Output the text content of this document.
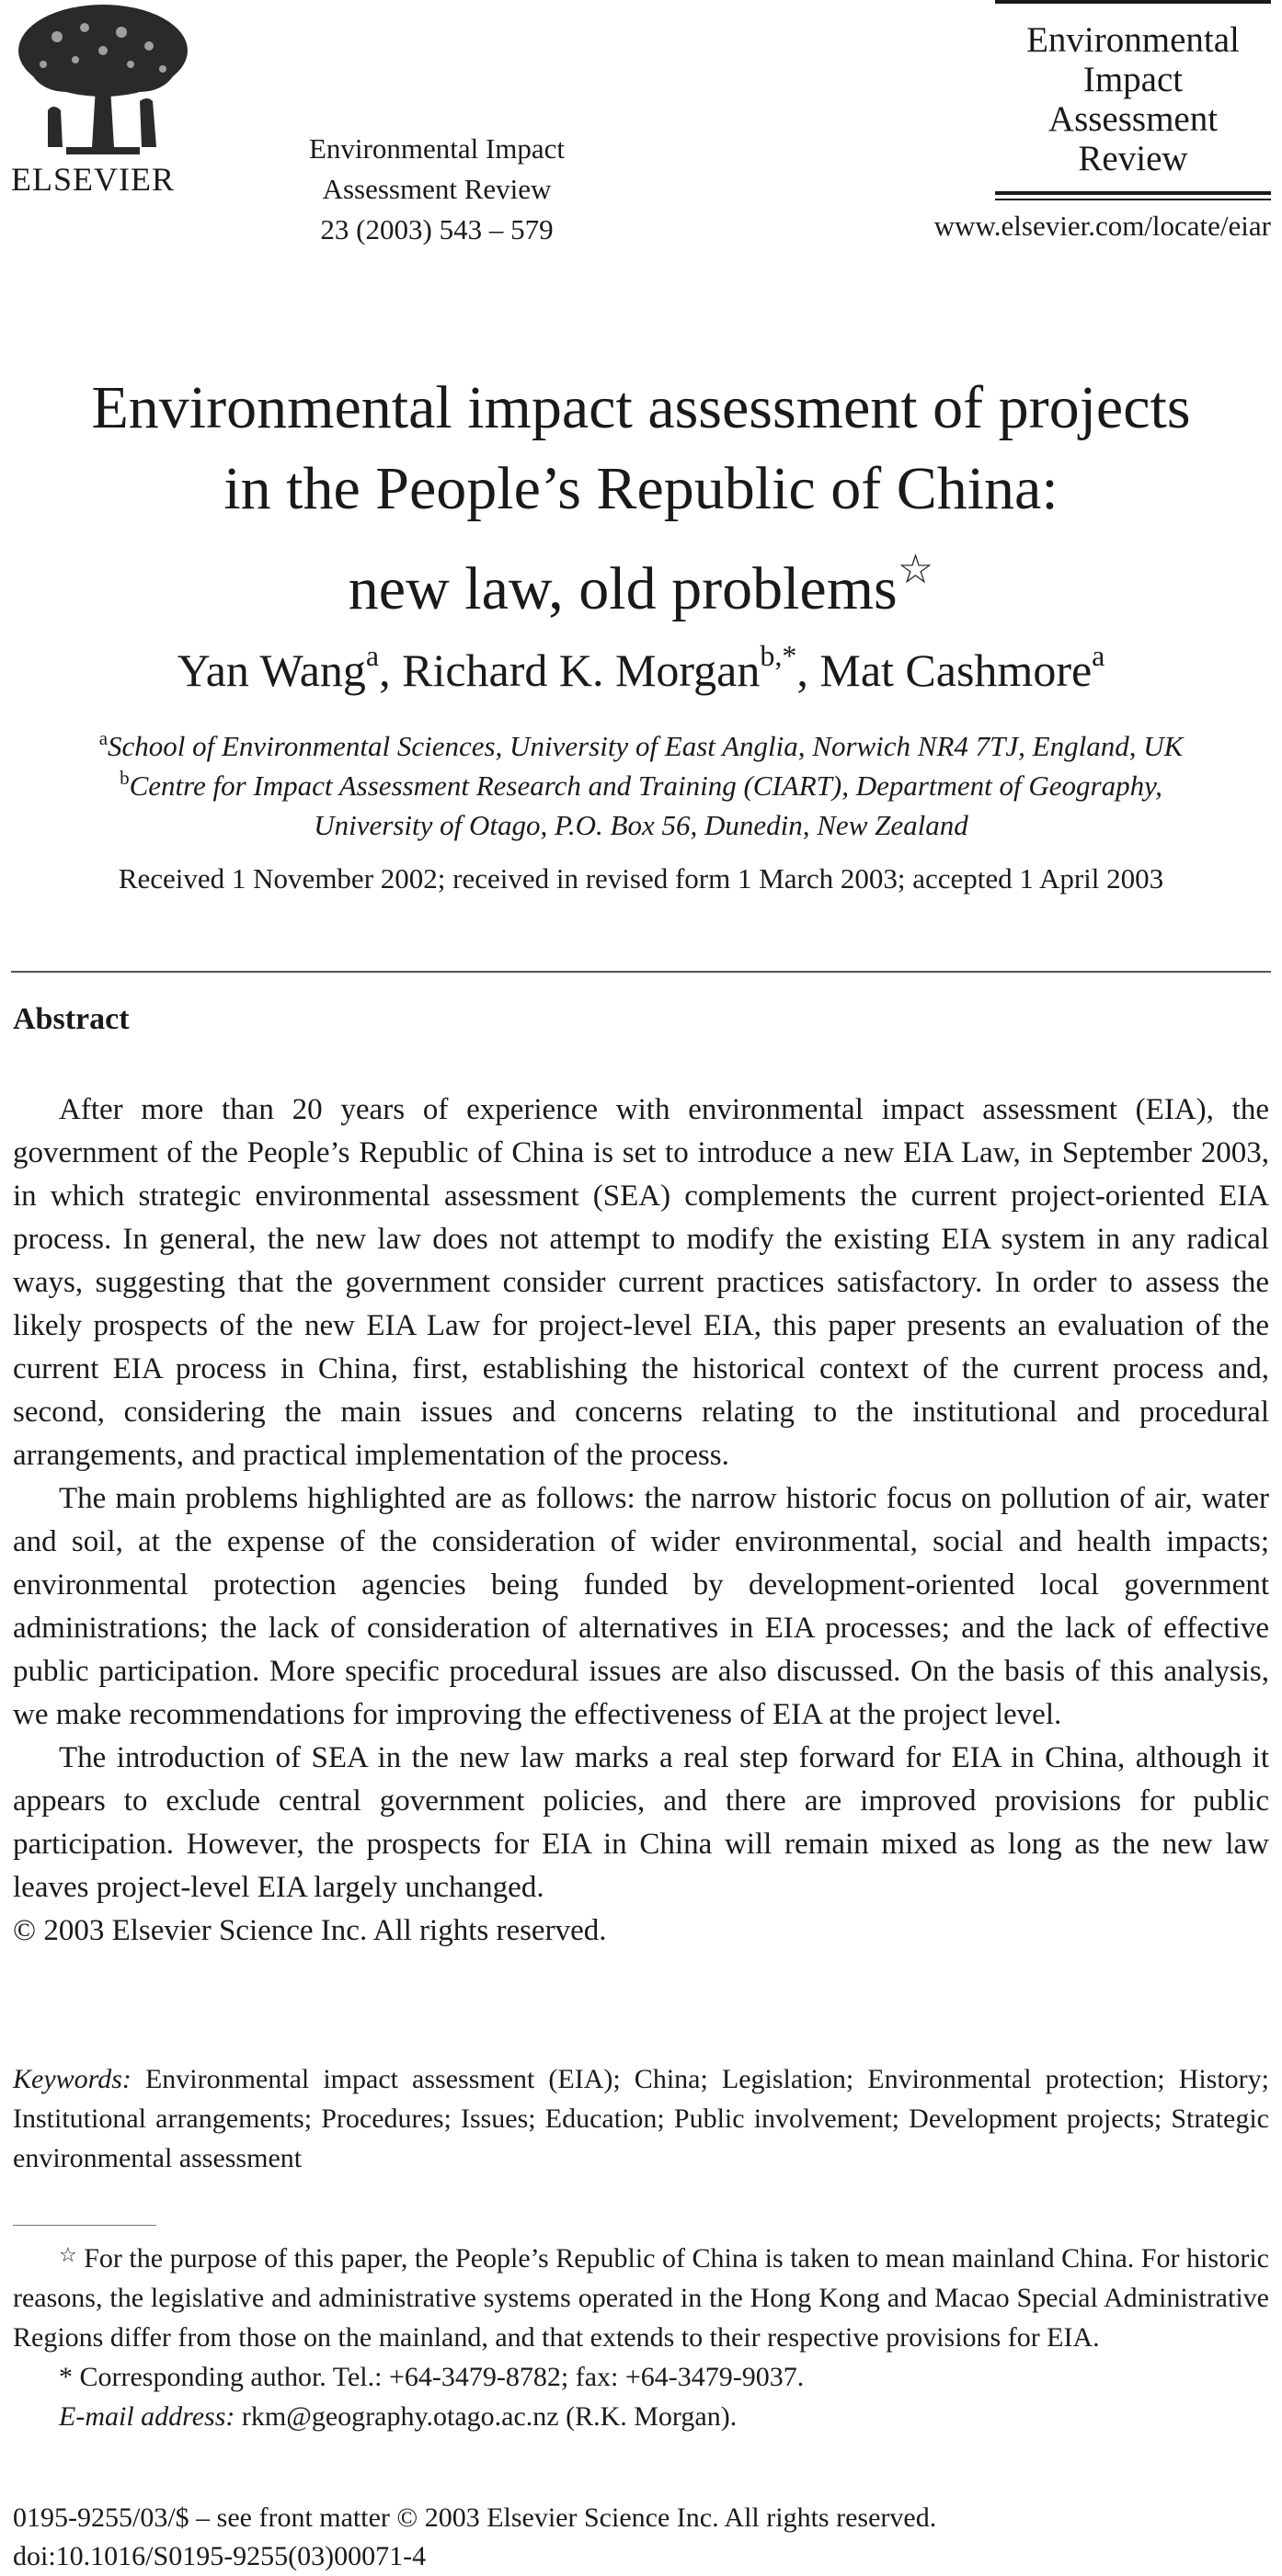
ELSEVIER
Environmental Impact Assessment Review
23 (2003) 543 – 579
Environmental
Impact
Assessment
Review
www.elsevier.com/locate/eiar
Environmental impact assessment of projects
in the People’s Republic of China:
new law, old problems☆
Yan Wang$^a$, Richard K. Morgan$^{b,*}$, Mat Cashmore$^a$
$^a$School of Environmental Sciences, University of East Anglia, Norwich NR4 7TJ, England, UK
$^b$Centre for Impact Assessment Research and Training (CIART), Department of Geography,
University of Otago, P.O. Box 56, Dunedin, New Zealand
Received 1 November 2002; received in revised form 1 March 2003; accepted 1 April 2003
Abstract

After more than 20 years of experience with environmental impact assessment (EIA), the government of the People’s Republic of China is set to introduce a new EIA Law, in September 2003, in which strategic environmental assessment (SEA) complements the current project-oriented EIA process. In general, the new law does not attempt to modify the existing EIA system in any radical ways, suggesting that the government consider current practices satisfactory. In order to assess the likely prospects of the new EIA Law for project-level EIA, this paper presents an evaluation of the current EIA process in China, first, establishing the historical context of the current process and, second, considering the main issues and concerns relating to the institutional and procedural arrangements, and practical implementation of the process.

The main problems highlighted are as follows: the narrow historic focus on pollution of air, water and soil, at the expense of the consideration of wider environmental, social and health impacts; environmental protection agencies being funded by development-oriented local government administrations; the lack of consideration of alternatives in EIA processes; and the lack of effective public participation. More specific procedural issues are also discussed. On the basis of this analysis, we make recommendations for improving the effectiveness of EIA at the project level.

The introduction of SEA in the new law marks a real step forward for EIA in China, although it appears to exclude central government policies, and there are improved provisions for public participation. However, the prospects for EIA in China will remain mixed as long as the new law leaves project-level EIA largely unchanged.

© 2003 Elsevier Science Inc. All rights reserved.

Keywords: Environmental impact assessment (EIA); China; Legislation; Environmental protection; History; Institutional arrangements; Procedures; Issues; Education; Public involvement; Development projects; Strategic environmental assessment

☆ For the purpose of this paper, the People’s Republic of China is taken to mean mainland China. For historic reasons, the legislative and administrative systems operated in the Hong Kong and Macao Special Administrative Regions differ from those on the mainland, and that extends to their respective provisions for EIA.

* Corresponding author. Tel.: +64-3479-8782; fax: +64-3479-9037.

E-mail address: rkm@geography.otago.ac.nz (R.K. Morgan).

0195-9255/03/$ – see front matter © 2003 Elsevier Science Inc. All rights reserved.
doi:10.1016/S0195-9255(03)00071-4
